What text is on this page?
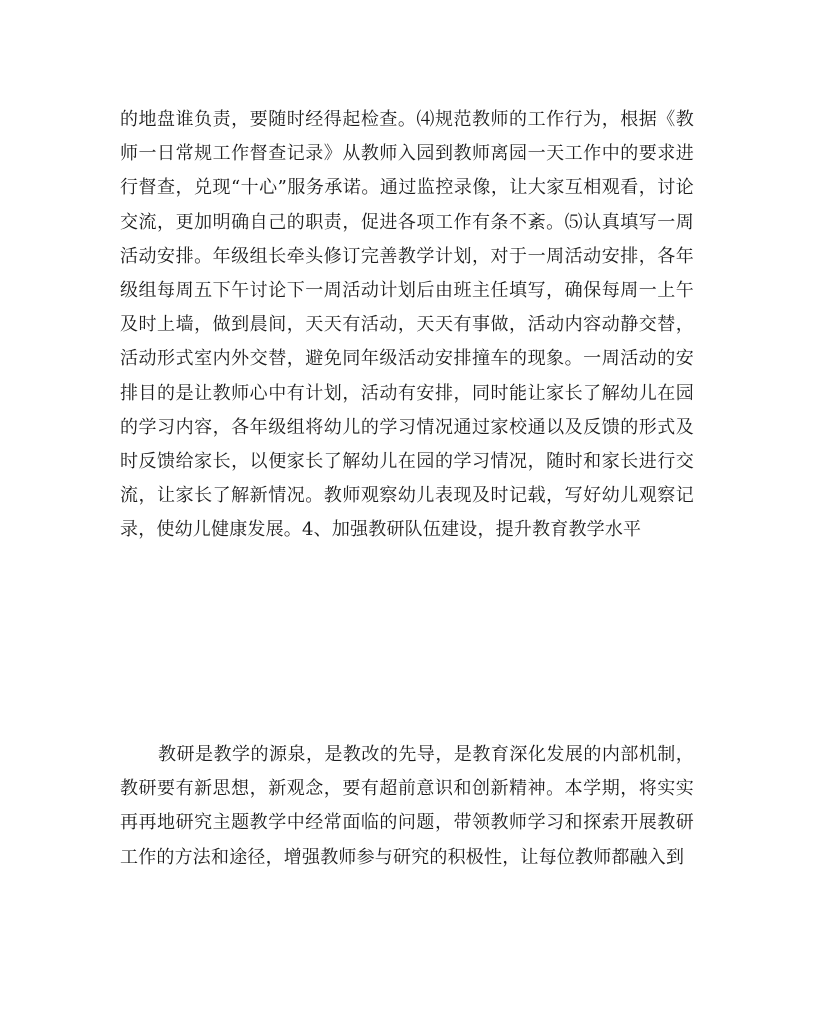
的地盘谁负责，要随时经得起检查。⑷规范教师的工作行为，根据《教师一日常规工作督查记录》从教师入园到教师离园一天工作中的要求进行督查，兑现“十心”服务承诺。通过监控录像，让大家互相观看，讨论交流，更加明确自己的职责，促进各项工作有条不紊。⑸认真填写一周活动安排。年级组长牵头修订完善教学计划，对于一周活动安排，各年级组每周五下午讨论下一周活动计划后由班主任填写，确保每周一上午及时上墙，做到晨间，天天有活动，天天有事做，活动内容动静交替，活动形式室内外交替，避免同年级活动安排撞车的现象。一周活动的安排目的是让教师心中有计划，活动有安排，同时能让家长了解幼儿在园的学习内容，各年级组将幼儿的学习情况通过家校通以及反馈的形式及时反馈给家长，以便家长了解幼儿在园的学习情况，随时和家长进行交流，让家长了解新情况。教师观察幼儿表现及时记载，写好幼儿观察记录，使幼儿健康发展。4、加强教研队伍建设，提升教育教学水平

教研是教学的源泉，是教改的先导，是教育深化发展的内部机制，教研要有新思想，新观念，要有超前意识和创新精神。本学期，将实实再再地研究主题教学中经常面临的问题，带领教师学习和探索开展教研工作的方法和途径，增强教师参与研究的积极性，让每位教师都融入到
